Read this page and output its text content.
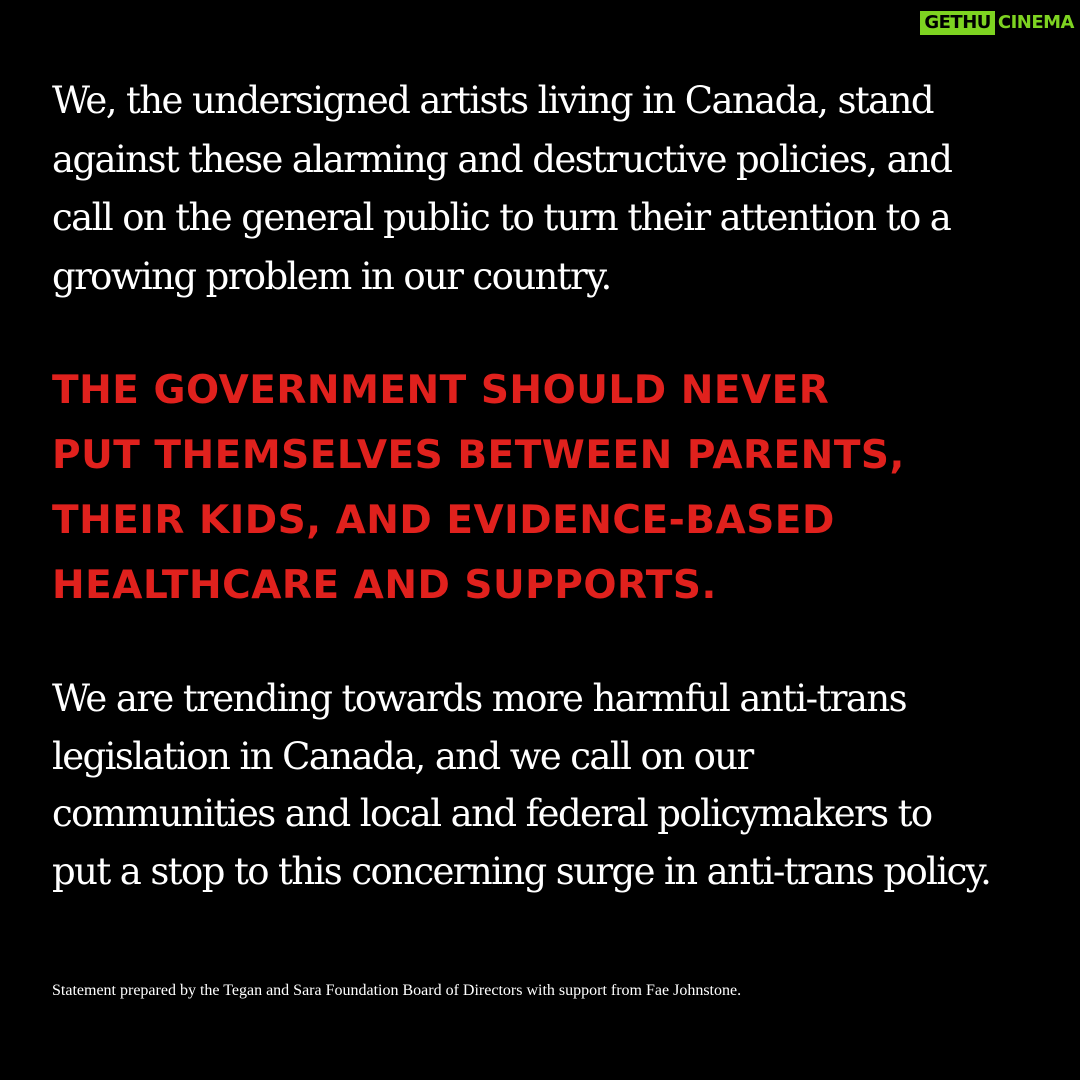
GETHU CINEMA

We, the undersigned artists living in Canada, stand
against these alarming and destructive policies, and
call on the general public to turn their attention to a
growing problem in our country.

THE GOVERNMENT SHOULD NEVER
PUT THEMSELVES BETWEEN PARENTS,
THEIR KIDS, AND EVIDENCE-BASED
HEALTHCARE AND SUPPORTS.

We are trending towards more harmful anti-trans
legislation in Canada, and we call on our
communities and local and federal policymakers to
put a stop to this concerning surge in anti-trans policy.

Statement prepared by the Tegan and Sara Foundation Board of Directors with support from Fae Johnstone.
